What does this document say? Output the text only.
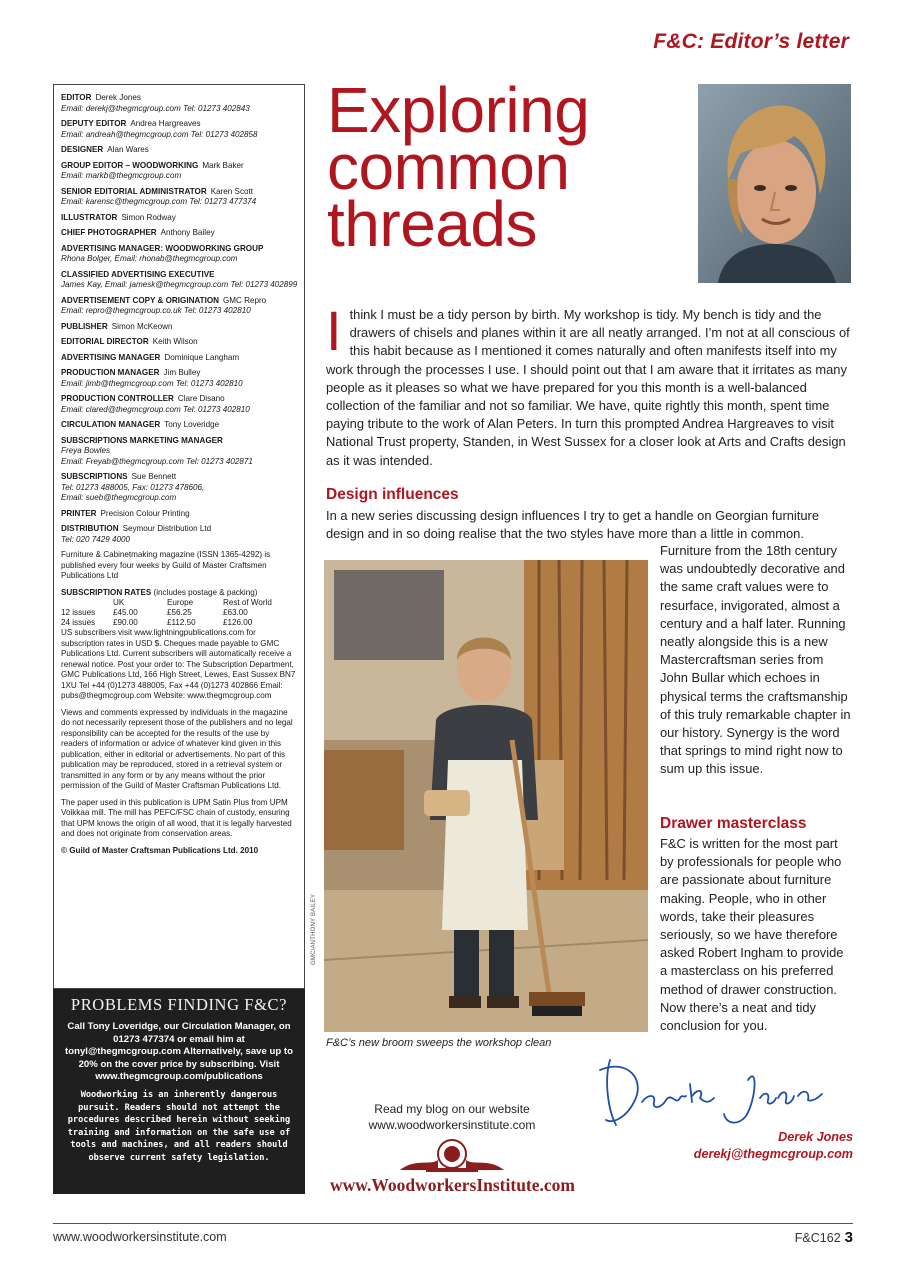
F&C: Editor’s letter
EDITOR Derek Jones
Email: derekj@thegmcgroup.com Tel: 01273 402843
DEPUTY EDITOR Andrea Hargreaves
Email: andreah@thegmcgroup.com Tel: 01273 402858
DESIGNER Alan Wares
GROUP EDITOR – WOODWORKING Mark Baker
Email: markb@thegmcgroup.com
SENIOR EDITORIAL ADMINISTRATOR Karen Scott
Email: karensc@thegmcgroup.com Tel: 01273 477374
ILLUSTRATOR Simon Rodway
CHIEF PHOTOGRAPHER Anthony Bailey
ADVERTISING MANAGER: WOODWORKING GROUP
Rhona Bolger, Email: rhonab@thegmcgroup.com
CLASSIFIED ADVERTISING EXECUTIVE
James Kay, Email: jamesk@thegmcgroup.com Tel: 01273 402899
ADVERTISEMENT COPY & ORIGINATION GMC Repro
Email: repro@thegmcgroup.co.uk Tel: 01273 402810
PUBLISHER Simon McKeown
EDITORIAL DIRECTOR Keith Wilson
ADVERTISING MANAGER Dominique Langham
PRODUCTION MANAGER Jim Bulley
Email: jimb@thegmcgroup.com Tel: 01273 402810
PRODUCTION CONTROLLER Clare Disano
Email: clared@thegmcgroup.com Tel: 01273 402810
CIRCULATION MANAGER Tony Loveridge
SUBSCRIPTIONS MARKETING MANAGER
Freya Bowles
Email: Freyab@thegmcgroup.com Tel: 01273 402871
SUBSCRIPTIONS Sue Bennett
Tel: 01273 488005, Fax: 01273 478606,
Email: sueb@thegmcgroup.com
PRINTER Precision Colour Printing
DISTRIBUTION Seymour Distribution Ltd
Tel: 020 7429 4000
Furniture & Cabinetmaking magazine (ISSN 1365-4292) is published every four weeks by Guild of Master Craftsmen Publications Ltd
SUBSCRIPTION RATES (includes postage & packing)
	UK	Europe	Rest of World
12 issues	£45.00	£56.25	£63.00
24 issues	£90.00	£112.50	£126.00
US subscribers visit www.lightningpublications.com for subscription rates in USD $. Cheques made payable to GMC Publications Ltd. Current subscribers will automatically receive a renewal notice. Post your order to: The Subscription Department, GMC Publications Ltd, 166 High Street, Lewes, East Sussex BN7 1XU Tel +44 (0)1273 488005, Fax +44 (0)1273 402866 Email: pubs@thegmcgroup.com Website: www.thegmcgroup.com
Views and comments expressed by individuals in the magazine do not necessarily represent those of the publishers and no legal responsibility can be accepted for the results of the use by readers of information or advice of whatever kind given in this publication, either in editorial or advertisements. No part of this publication may be reproduced, stored in a retrieval system or transmitted in any form or by any means without the prior permission of the Guild of Master Craftsman Publications Ltd.
The paper used in this publication is UPM Satin Plus from UPM Voikkaa mill. The mill has PEFC/FSC chain of custody, ensuring that UPM knows the origin of all wood, that it is legally harvested and does not originate from conservation areas.
© Guild of Master Craftsman Publications Ltd. 2010
PROBLEMS FINDING F&C?
Call Tony Loveridge, our Circulation Manager, on 01273 477374 or email him at tonyl@thegmcgroup.com Alternatively, save up to 20% on the cover price by subscribing. Visit www.thegmcgroup.com/publications
Woodworking is an inherently dangerous pursuit. Readers should not attempt the procedures described herein without seeking training and information on the safe use of tools and machines, and all readers should observe current safety legislation.
Exploring
common
threads
I think I must be a tidy person by birth. My workshop is tidy. My bench is tidy and the drawers of chisels and planes within it are all neatly arranged. I’m not at all conscious of this habit because as I mentioned it comes naturally and often manifests itself into my work through the processes I use. I should point out that I am aware that it irritates as many people as it pleases so what we have prepared for you this month is a well-balanced collection of the familiar and not so familiar. We have, quite rightly this month, spent time paying tribute to the work of Alan Peters. In turn this prompted Andrea Hargreaves to visit National Trust property, Standen, in West Sussex for a closer look at Arts and Crafts design as it was intended.
Design influences
In a new series discussing design influences I try to get a handle on Georgian furniture design and in so doing realise that the two styles have more than a little in common.
GMC/ANTHONY BAILEY
F&C’s new broom sweeps the workshop clean
Furniture from the 18th century was undoubtedly decorative and the same craft values were to resurface, invigorated, almost a century and a half later. Running neatly alongside this is a new Mastercraftsman series from John Bullar which echoes in physical terms the craftsmanship of this truly remarkable chapter in our history. Synergy is the word that springs to mind right now to sum up this issue.
Drawer masterclass
F&C is written for the most part by professionals for people who are passionate about furniture making. People, who in other words, take their pleasures seriously, so we have therefore asked Robert Ingham to provide a masterclass on his preferred method of drawer construction. Now there’s a neat and tidy conclusion for you.
Read my blog on our website www.woodworkersinstitute.com
www.WoodworkersInstitute.com
Derek Jones
derekj@thegmcgroup.com
www.woodworkersinstitute.com	F&C162 3
